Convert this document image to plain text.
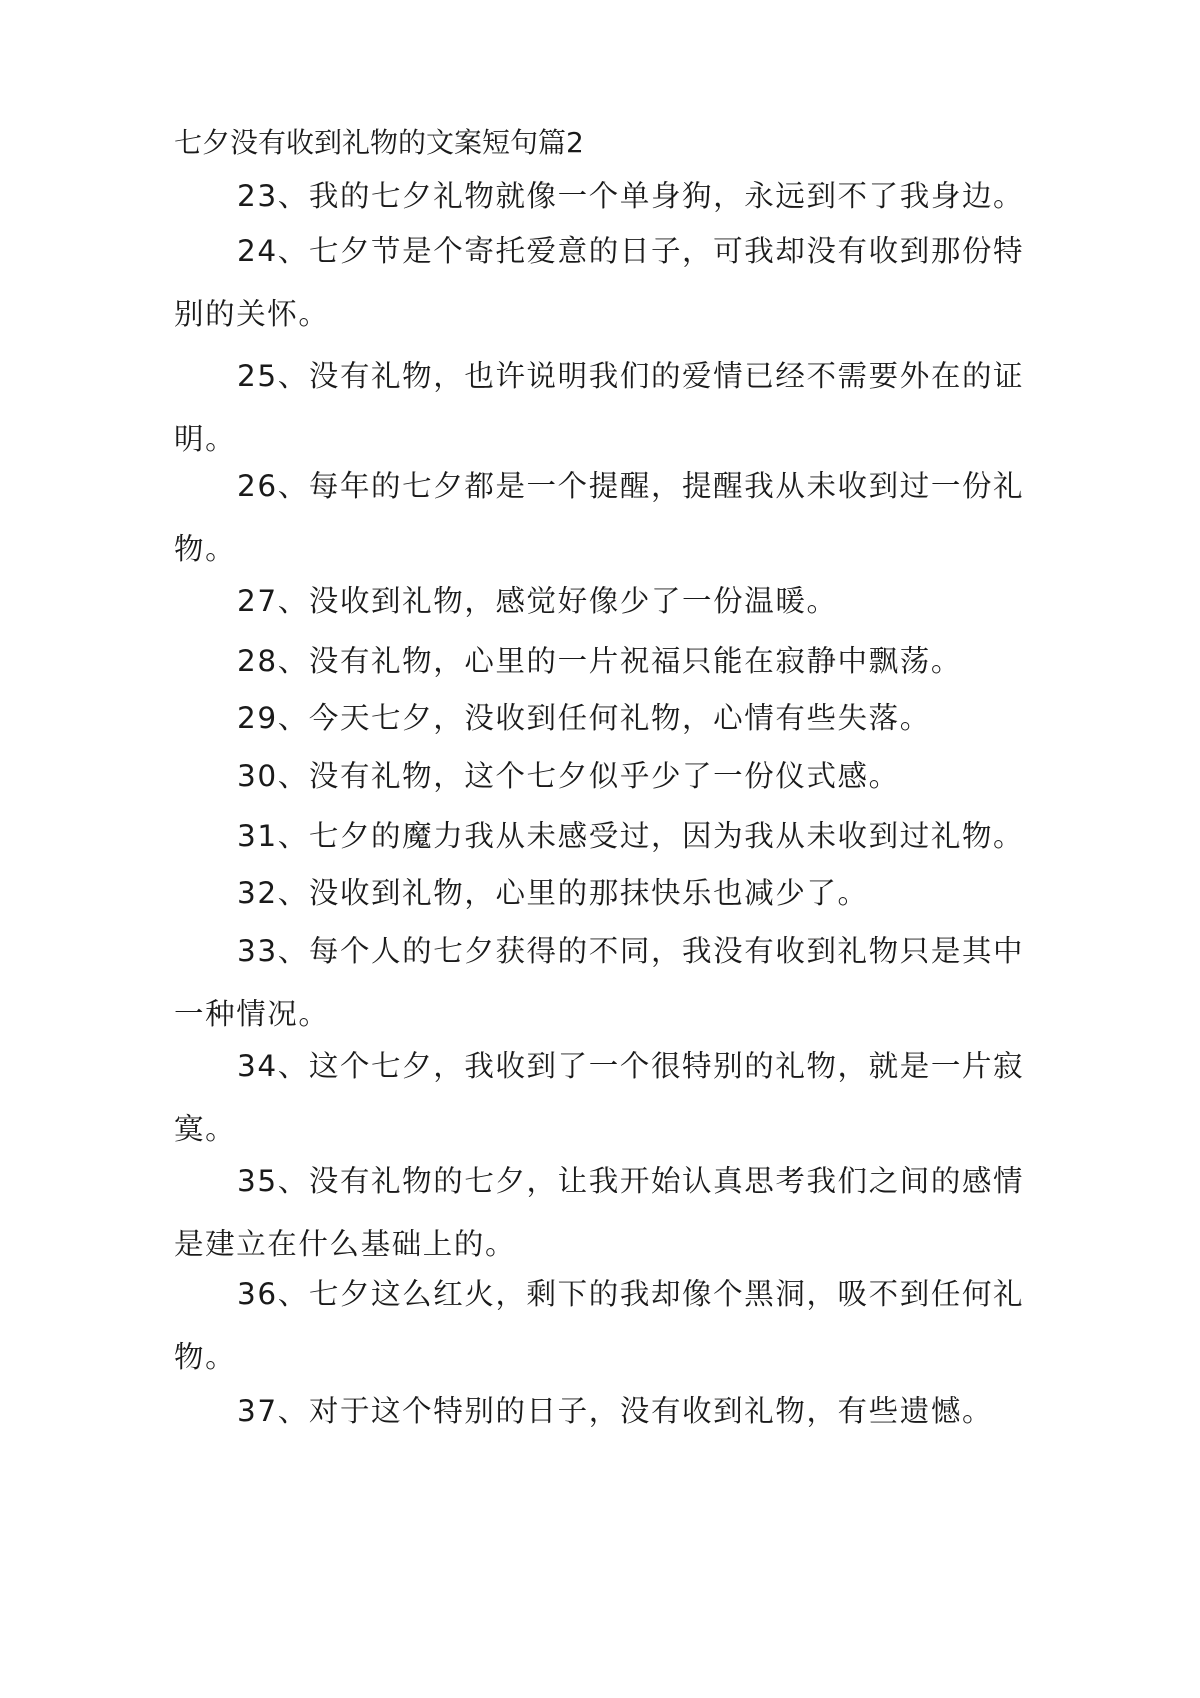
七夕没有收到礼物的文案短句篇2

23、我的七夕礼物就像一个单身狗，永远到不了我身边。

24、七夕节是个寄托爱意的日子，可我却没有收到那份特别的关怀。

25、没有礼物，也许说明我们的爱情已经不需要外在的证明。

26、每年的七夕都是一个提醒，提醒我从未收到过一份礼物。

27、没收到礼物，感觉好像少了一份温暖。

28、没有礼物，心里的一片祝福只能在寂静中飘荡。

29、今天七夕，没收到任何礼物，心情有些失落。

30、没有礼物，这个七夕似乎少了一份仪式感。

31、七夕的魔力我从未感受过，因为我从未收到过礼物。

32、没收到礼物，心里的那抹快乐也减少了。

33、每个人的七夕获得的不同，我没有收到礼物只是其中一种情况。

34、这个七夕，我收到了一个很特别的礼物，就是一片寂寞。

35、没有礼物的七夕，让我开始认真思考我们之间的感情是建立在什么基础上的。

36、七夕这么红火，剩下的我却像个黑洞，吸不到任何礼物。

37、对于这个特别的日子，没有收到礼物，有些遗憾。
